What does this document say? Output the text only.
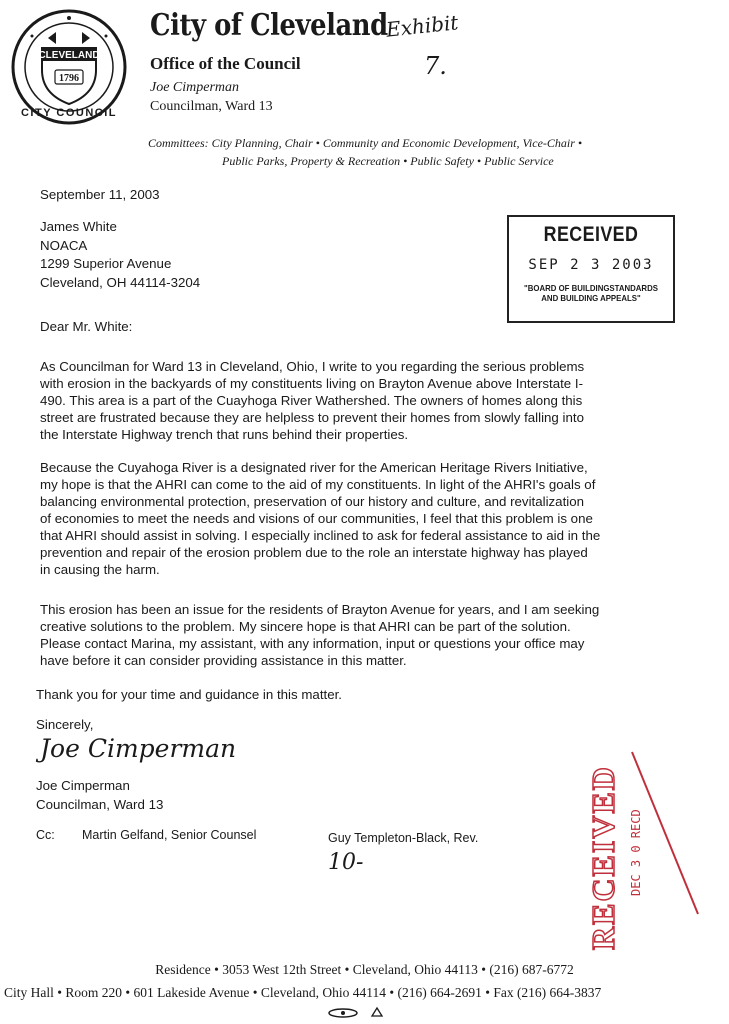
CLEVELAND
1796
CITY COUNCIL
City of Cleveland
Office of the Council
Joe Cimperman
Councilman, Ward 13
Exhibit
7.
Committees: City Planning, Chair • Community and Economic Development, Vice-Chair •
Public Parks, Property & Recreation • Public Safety • Public Service
September 11, 2003
James White
NOACA
1299 Superior Avenue
Cleveland, OH 44114-3204
RECEIVED
SEP 2 3 2003
"BOARD OF BUILDINGSTANDARDS AND BUILDING APPEALS"
Dear Mr. White:
As Councilman for Ward 13 in Cleveland, Ohio, I write to you regarding the serious problems
with erosion in the backyards of my constituents living on Brayton Avenue above Interstate I-
490. This area is a part of the Cuayhoga River Wathershed. The owners of homes along this
street are frustrated because they are helpless to prevent their homes from slowly falling into
the Interstate Highway trench that runs behind their properties.
Because the Cuyahoga River is a designated river for the American Heritage Rivers Initiative,
my hope is that the AHRI can come to the aid of my constituents. In light of the AHRI's goals of
balancing environmental protection, preservation of our history and culture, and revitalization
of economies to meet the needs and visions of our communities, I feel that this problem is one
that AHRI should assist in solving. I especially inclined to ask for federal assistance to aid in the
prevention and repair of the erosion problem due to the role an interstate highway has played
in causing the harm.
This erosion has been an issue for the residents of Brayton Avenue for years, and I am seeking
creative solutions to the problem. My sincere hope is that AHRI can be part of the solution.
Please contact Marina, my assistant, with any information, input or questions your office may
have before it can consider providing assistance in this matter.
Thank you for your time and guidance in this matter.
Sincerely,
Joe Cimperman
Joe Cimperman
Councilman, Ward 13
Cc: Martin Gelfand, Senior Counsel	Guy Templeton-Black, Rev.
10-	RECEIVED DEC 3 0 RECD
Residence • 3053 West 12th Street • Cleveland, Ohio 44113 • (216) 687-6772
City Hall • Room 220 • 601 Lakeside Avenue • Cleveland, Ohio 44114 • (216) 664-2691 • Fax (216) 664-3837
